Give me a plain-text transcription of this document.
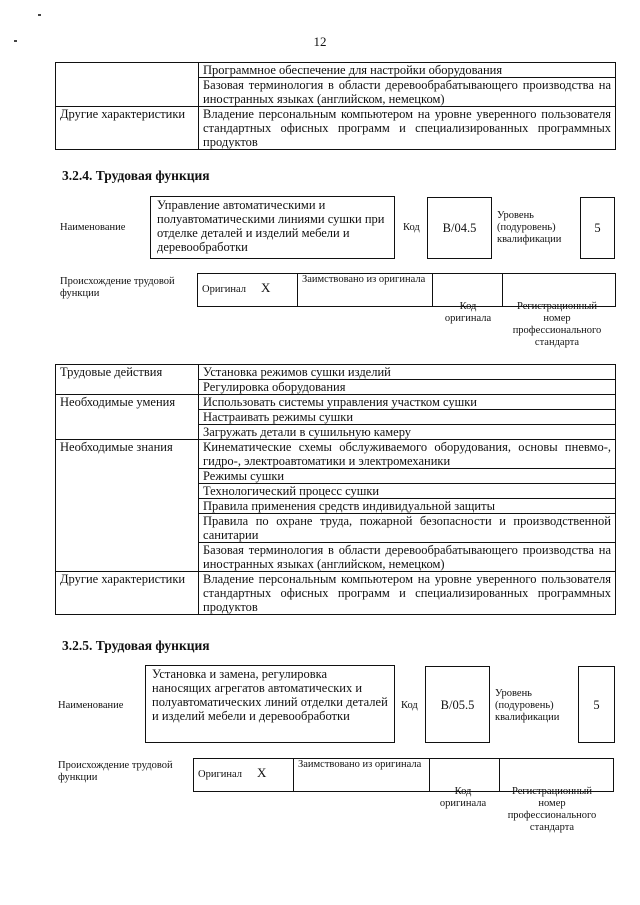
12
	Программное обеспечение для настройки оборудования
	Базовая терминология в области деревообрабатывающего производства на иностранных языках (английском, немецком)
Другие характеристики	Владение персональным компьютером на уровне уверенного пользователя стандартных офисных программ и специализированных программных продуктов
3.2.4. Трудовая функция
Наименование
Управление автоматическими и полуавтоматическими линиями сушки при отделке деталей и изделий мебели и деревообработки
Код	B/04.5
Уровень (подуровень) квалификации
5
Происхождение трудовой функции	Оригинал X	Заимствовано из оригинала		
Код оригинала
Регистрационный номер профессионального стандарта
Трудовые действия	Установка режимов сушки изделий
	Регулировка оборудования
Необходимые умения	Использовать системы управления участком сушки
	Настраивать режимы сушки
	Загружать детали в сушильную камеру
Необходимые знания	Кинематические схемы обслуживаемого оборудования, основы пневмо-, гидро-, электроавтоматики и электромеханики
	Режимы сушки
	Технологический процесс сушки
	Правила применения средств индивидуальной защиты
	Правила по охране труда, пожарной безопасности и производственной санитарии
	Базовая терминология в области деревообрабатывающего производства на иностранных языках (английском, немецком)
Другие характеристики	Владение персональным компьютером на уровне уверенного пользователя стандартных офисных программ и специализированных программных продуктов
3.2.5. Трудовая функция
Наименование
Установка и замена, регулировка наносящих агрегатов автоматических и полуавтоматических линий отделки деталей и изделий мебели и деревообработки
Код	B/05.5
Уровень (подуровень) квалификации
5
Происхождение трудовой функции	Оригинал X	Заимствовано из оригинала		
Код оригинала
Регистрационный номер профессионального стандарта
